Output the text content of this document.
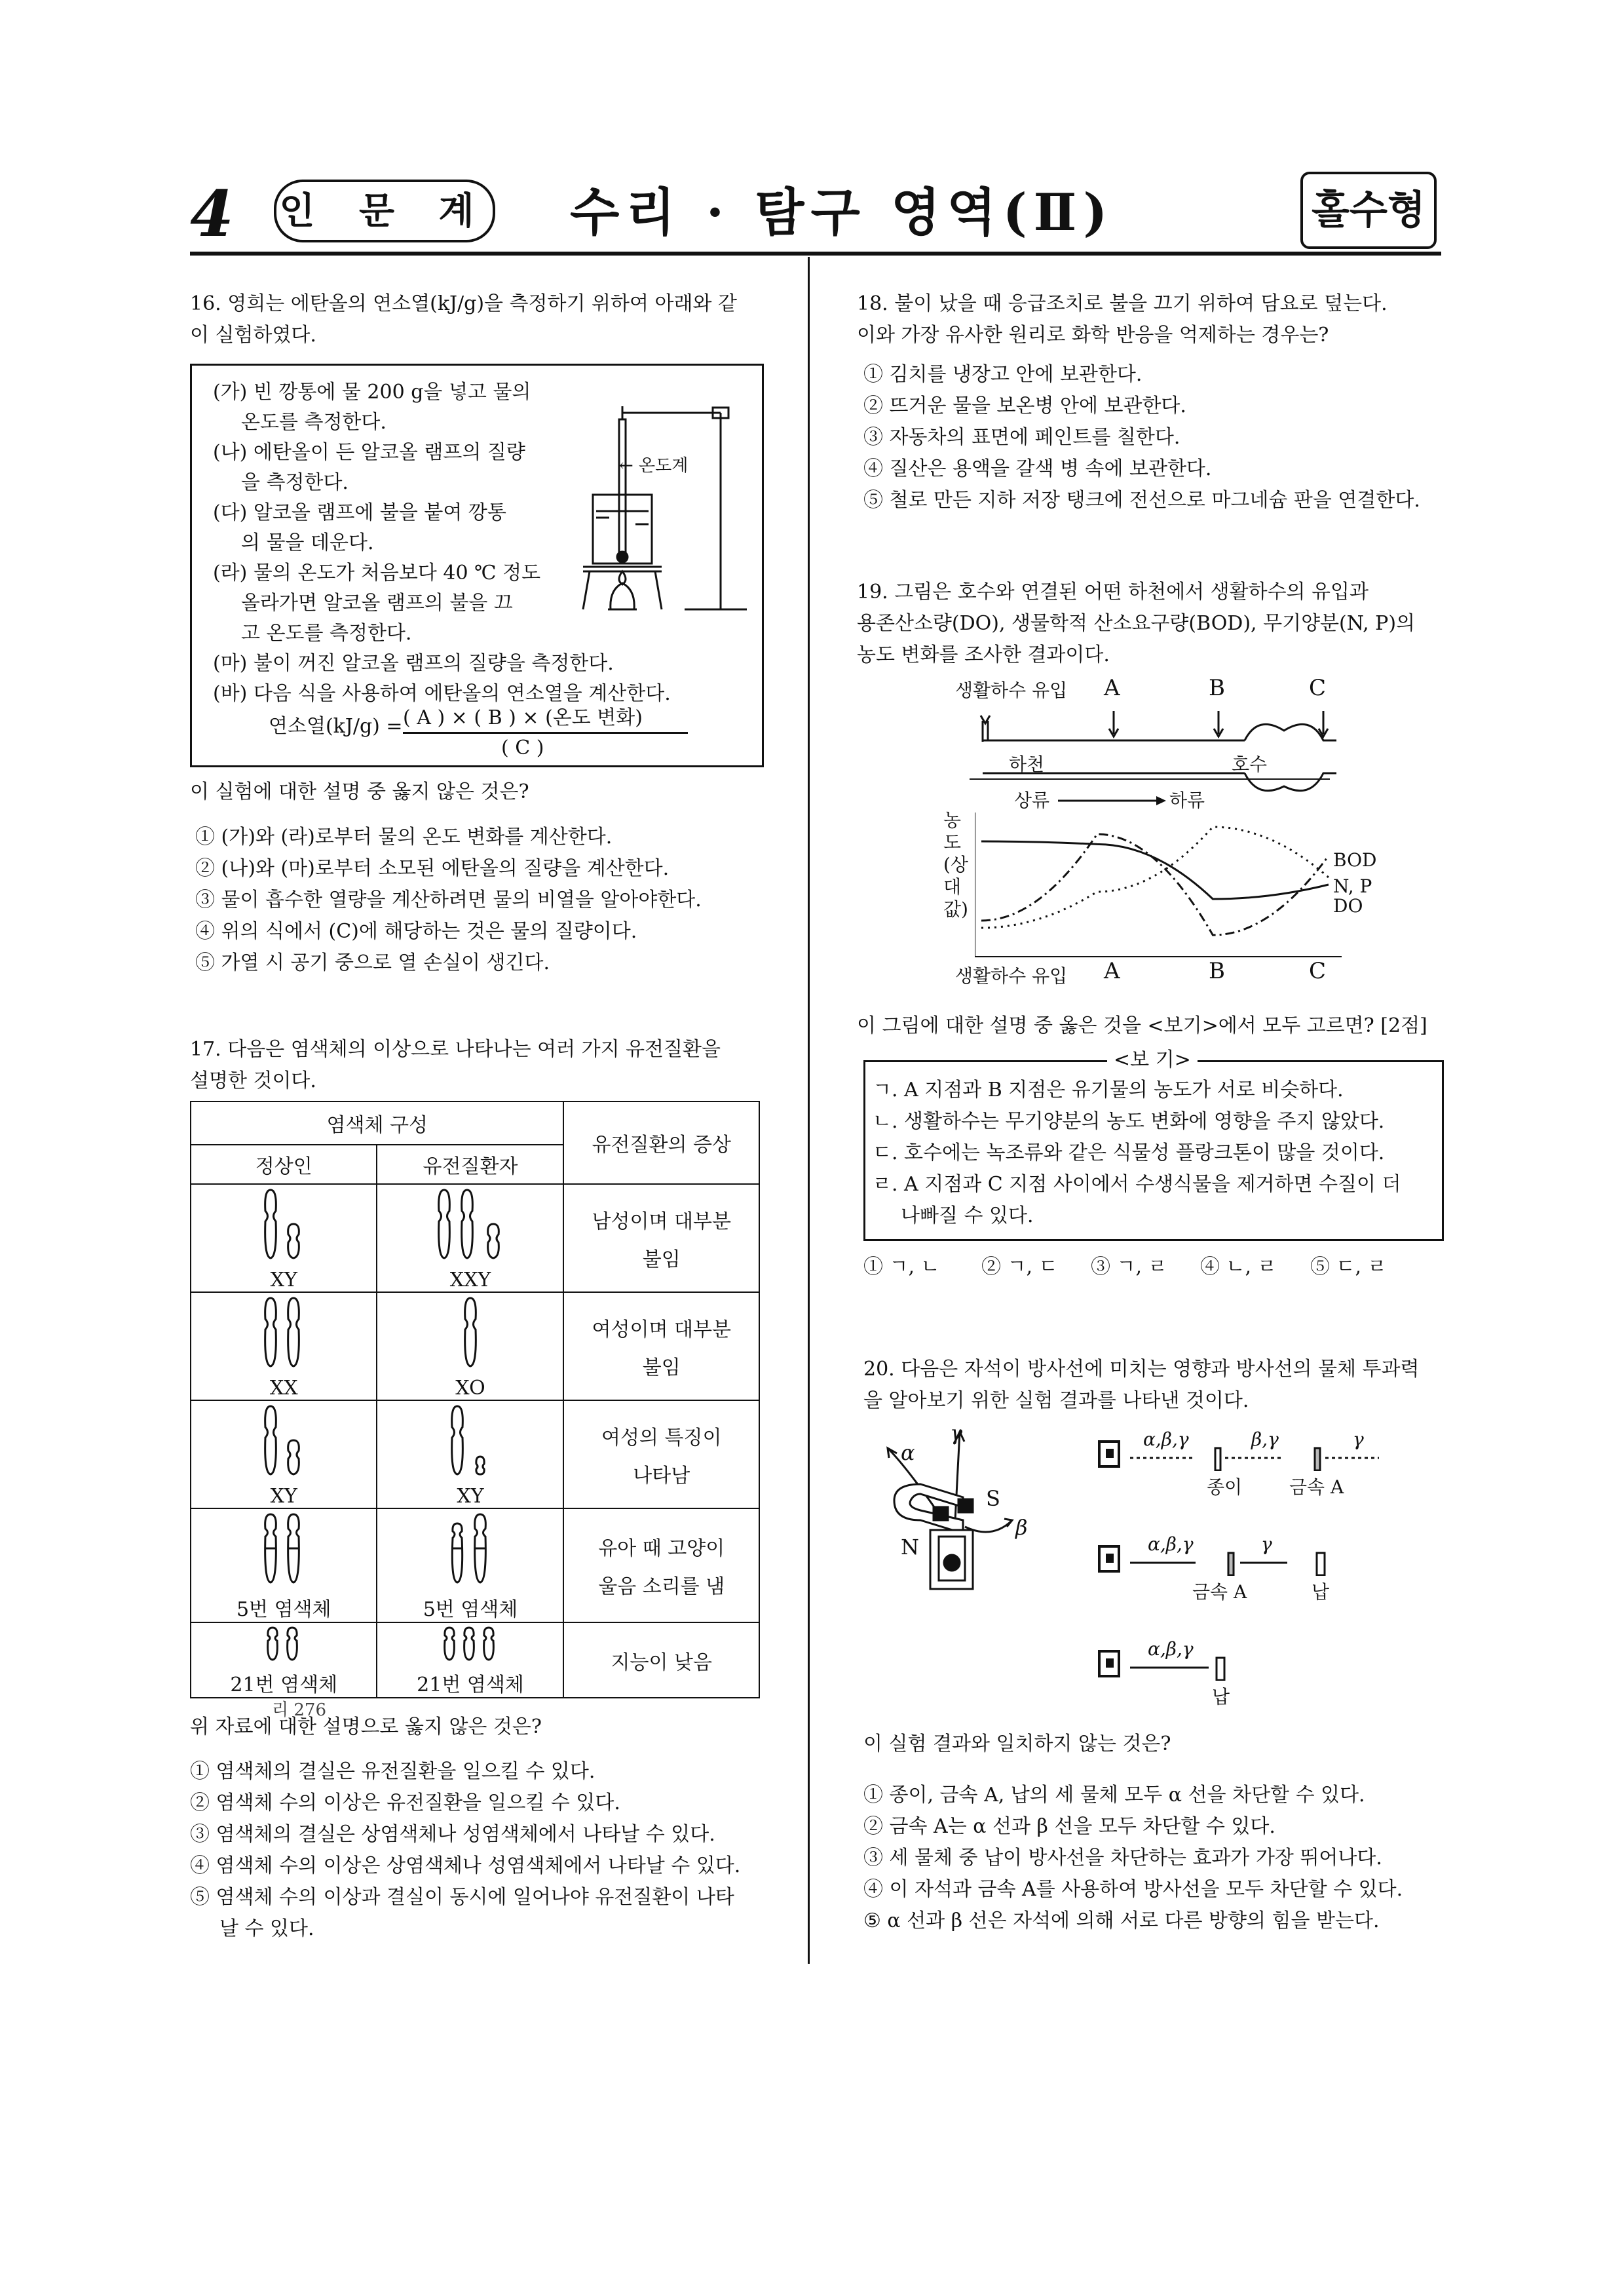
4 인 문 계 수리 · 탐구 영역(Ⅱ)	홀수형
16. 영희는 에탄올의 연소열(kJ/g)을 측정하기 위하여 아래와 같
이 실험하였다.
(가) 빈 깡통에 물 200 g을 넣고 물의
온도를 측정한다.
(나) 에탄올이 든 알코올 램프의 질량
을 측정한다.
(다) 알코올 램프에 불을 붙여 깡통
의 물을 데운다.
(라) 물의 온도가 처음보다 40 ℃ 정도
올라가면 알코올 램프의 불을 끄
고 온도를 측정한다.
(마) 불이 꺼진 알코올 램프의 질량을 측정한다.
(바) 다음 식을 사용하여 에탄올의 연소열을 계산한다.
← 온도계
연소열(kJ/g) = ( A ) × ( B ) × (온도 변화)
( C )
이 실험에 대한 설명 중 옳지 않은 것은?
① (가)와 (라)로부터 물의 온도 변화를 계산한다.
② (나)와 (마)로부터 소모된 에탄올의 질량을 계산한다.
③ 물이 흡수한 열량을 계산하려면 물의 비열을 알아야한다.
④ 위의 식에서 (C)에 해당하는 것은 물의 질량이다.
⑤ 가열 시 공기 중으로 열 손실이 생긴다.
17. 다음은 염색체의 이상으로 나타나는 여러 가지 유전질환을
설명한 것이다.
염색체 구성		유전질환의 증상
정상인	유전질환자	

XY	XXY	남성이며 대부분
불임

XX	XO	여성이며 대부분
불임

XY	XY	여성의 특징이
나타남

5번 염색체	5번 염색체	유아 때 고양이
울음 소리를 냄

21번 염색체	21번 염색체	지능이 낮음
리 276
위 자료에 대한 설명으로 옳지 않은 것은?
① 염색체의 결실은 유전질환을 일으킬 수 있다.
② 염색체 수의 이상은 유전질환을 일으킬 수 있다.
③ 염색체의 결실은 상염색체나 성염색체에서 나타날 수 있다.
④ 염색체 수의 이상은 상염색체나 성염색체에서 나타날 수 있다.
⑤ 염색체 수의 이상과 결실이 동시에 일어나야 유전질환이 나타
날 수 있다.
18. 불이 났을 때 응급조치로 불을 끄기 위하여 담요로 덮는다.
이와 가장 유사한 원리로 화학 반응을 억제하는 경우는?
① 김치를 냉장고 안에 보관한다.
② 뜨거운 물을 보온병 안에 보관한다.
③ 자동차의 표면에 페인트를 칠한다.
④ 질산은 용액을 갈색 병 속에 보관한다.
⑤ 철로 만든 지하 저장 탱크에 전선으로 마그네슘 판을 연결한다.
19. 그림은 호수와 연결된 어떤 하천에서 생활하수의 유입과
용존산소량(DO), 생물학적 산소요구량(BOD), 무기양분(N, P)의
농도 변화를 조사한 결과이다.
생활하수 유입 A	B	C
하천	호수
상류	하류
농도 (상대값)
BOD
N, P
DO
생활하수 유입 A	B	C
이 그림에 대한 설명 중 옳은 것을 <보기>에서 모두 고르면? [2점]
<보 기>
ㄱ. A 지점과 B 지점은 유기물의 농도가 서로 비슷하다.
ㄴ. 생활하수는 무기양분의 농도 변화에 영향을 주지 않았다.
ㄷ. 호수에는 녹조류와 같은 식물성 플랑크톤이 많을 것이다.
ㄹ. A 지점과 C 지점 사이에서 수생식물을 제거하면 수질이 더
나빠질 수 있다.
① ㄱ, ㄴ ② ㄱ, ㄷ ③ ㄱ, ㄹ ④ ㄴ, ㄹ ⑤ ㄷ, ㄹ
20. 다음은 자석이 방사선에 미치는 영향과 방사선의 물체 투과력
을 알아보기 위한 실험 결과를 나타낸 것이다.
α
γ
β
S
N
α,β,γ	β,γ	γ
종이	금속 A
α,β,γ	γ
금속 A	납
α,β,γ
납
이 실험 결과와 일치하지 않는 것은?
① 종이, 금속 A, 납의 세 물체 모두 α 선을 차단할 수 있다.
② 금속 A는 α 선과 β 선을 모두 차단할 수 있다.
③ 세 물체 중 납이 방사선을 차단하는 효과가 가장 뛰어나다.
④ 이 자석과 금속 A를 사용하여 방사선을 모두 차단할 수 있다.
⑤ α 선과 β 선은 자석에 의해 서로 다른 방향의 힘을 받는다.
